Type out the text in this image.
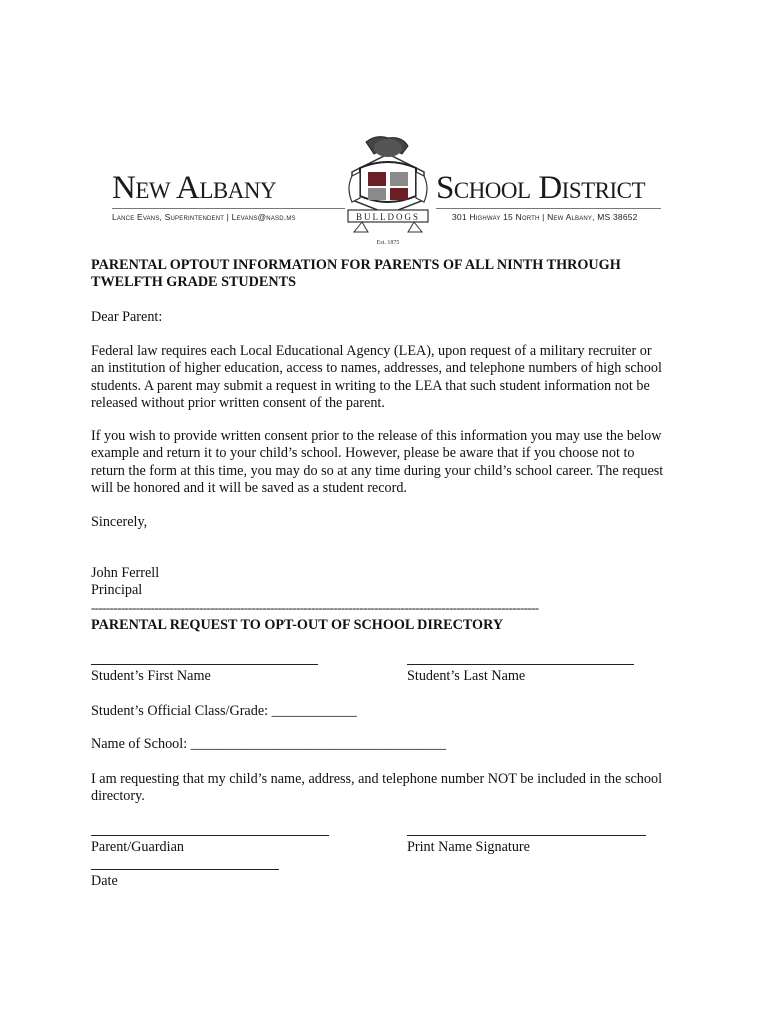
New Albany	School District
Lance Evans, Superintendent | Levans@nasd.ms	301 Highway 15 North | New Albany, MS 38652
BULLDOGS
Est. 1875
PARENTAL OPTOUT INFORMATION FOR PARENTS OF ALL NINTH THROUGH
TWELFTH GRADE STUDENTS
Dear Parent:
Federal law requires each Local Educational Agency (LEA), upon request of a military recruiter or
an institution of higher education, access to names, addresses, and telephone numbers of high school
students. A parent may submit a request in writing to the LEA that such student information not be
released without prior written consent of the parent.
If you wish to provide written consent prior to the release of this information you may use the below
example and return it to your child’s school. However, please be aware that if you choose not to
return the form at this time, you may do so at any time during your child’s school career. The request
will be honored and it will be saved as a student record.
Sincerely,
John Ferrell
Principal
------------------------------------------------------------------------------------------------------------------------
PARENTAL REQUEST TO OPT-OUT OF SCHOOL DIRECTORY
Student’s First Name	Student’s Last Name
Student’s Official Class/Grade: ____________
Name of School: ____________________________________
I am requesting that my child’s name, address, and telephone number NOT be included in the school
directory.
Parent/Guardian	Print Name Signature
Date
